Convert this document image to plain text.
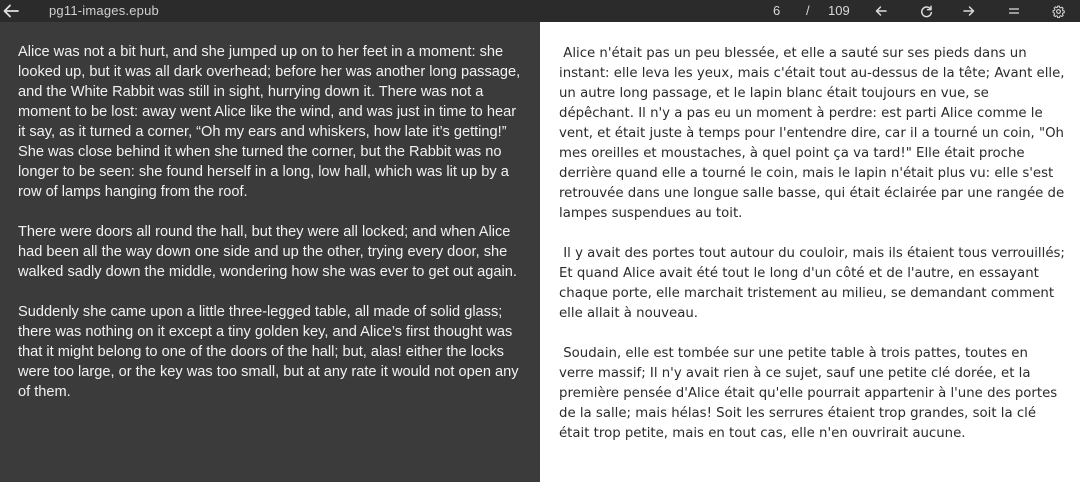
pg11-images.epub	6 / 109

Alice was not a bit hurt, and she jumped up on to her feet in a moment: she looked up, but it was all dark overhead; before her was another long passage, and the White Rabbit was still in sight, hurrying down it. There was not a moment to be lost: away went Alice like the wind, and was just in time to hear it say, as it turned a corner, “Oh my ears and whiskers, how late it’s getting!” She was close behind it when she turned the corner, but the Rabbit was no longer to be seen: she found herself in a long, low hall, which was lit up by a row of lamps hanging from the roof.

There were doors all round the hall, but they were all locked; and when Alice had been all the way down one side and up the other, trying every door, she walked sadly down the middle, wondering how she was ever to get out again.

Suddenly she came upon a little three-legged table, all made of solid glass; there was nothing on it except a tiny golden key, and Alice’s first thought was that it might belong to one of the doors of the hall; but, alas! either the locks were too large, or the key was too small, but at any rate it would not open any of them.

Alice n'était pas un peu blessée, et elle a sauté sur ses pieds dans un instant: elle leva les yeux, mais c'était tout au-dessus de la tête; Avant elle, un autre long passage, et le lapin blanc était toujours en vue, se dépêchant. Il n'y a pas eu un moment à perdre: est parti Alice comme le vent, et était juste à temps pour l'entendre dire, car il a tourné un coin, "Oh mes oreilles et moustaches, à quel point ça va tard!" Elle était proche derrière quand elle a tourné le coin, mais le lapin n'était plus vu: elle s'est retrouvée dans une longue salle basse, qui était éclairée par une rangée de lampes suspendues au toit.

Il y avait des portes tout autour du couloir, mais ils étaient tous verrouillés; Et quand Alice avait été tout le long d'un côté et de l'autre, en essayant chaque porte, elle marchait tristement au milieu, se demandant comment elle allait à nouveau.

Soudain, elle est tombée sur une petite table à trois pattes, toutes en verre massif; Il n'y avait rien à ce sujet, sauf une petite clé dorée, et la première pensée d'Alice était qu'elle pourrait appartenir à l'une des portes de la salle; mais hélas! Soit les serrures étaient trop grandes, soit la clé était trop petite, mais en tout cas, elle n'en ouvrirait aucune.
